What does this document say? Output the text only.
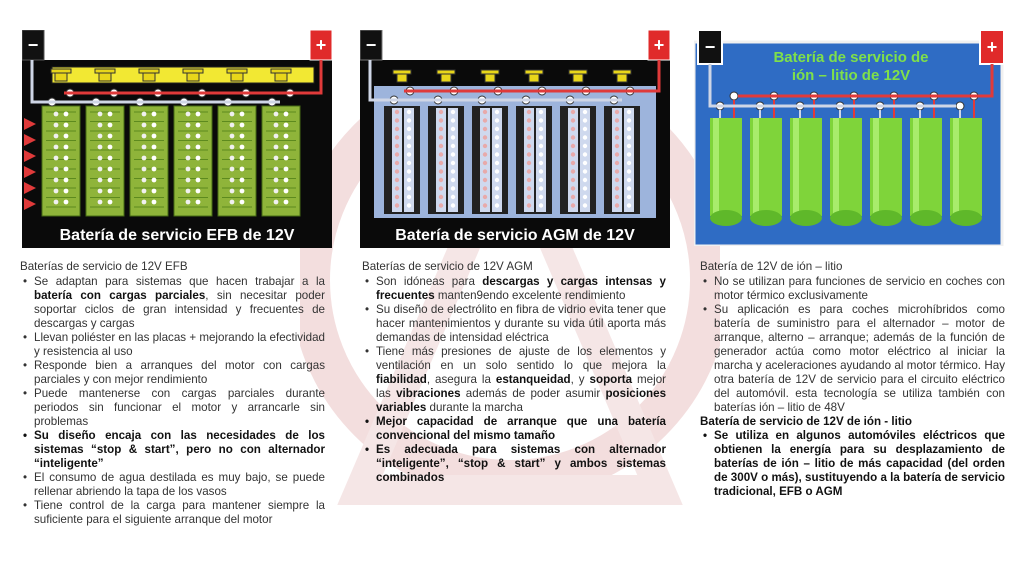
−	+
Batería de servicio EFB de 12V
−	+
Batería de servicio AGM de 12V
−	+
Batería de servicio de
ión – litio de 12V

Baterías de servicio de 12V EFB

• Se adaptan para sistemas que hacen trabajar a la batería con cargas parciales, sin necesitar poder soportar ciclos de gran intensidad y frecuentes de descargas y cargas
• Llevan poliéster en las placas + mejorando la efectividad y resistencia al uso
• Responde bien a arranques del motor con cargas parciales y con mejor rendimiento
• Puede mantenerse con cargas parciales durante periodos sin funcionar el motor y arrancarle sin problemas
• Su diseño encaja con las necesidades de los sistemas “stop & start”, pero no con alternador “inteligente”
• El consumo de agua destilada es muy bajo, se puede rellenar abriendo la tapa de los vasos
• Tiene control de la carga para mantener siempre la suficiente para el siguiente arranque del motor

Baterías de servicio de 12V AGM

• Son idóneas para descargas y cargas intensas y frecuentes manten9endo excelente rendimiento
• Su diseño de electrólito en fibra de vidrio evita tener que hacer mantenimientos y durante su vida útil aporta más demandas de intensidad eléctrica
• Tiene más presiones de ajuste de los elementos y ventilación en un solo sentido lo que mejora la fiabilidad, asegura la estanqueidad, y soporta mejor las vibraciones además de poder asumir posiciones variables durante la marcha
• Mejor capacidad de arranque que una batería convencional del mismo tamaño
• Es adecuada para sistemas con alternador “inteligente”, “stop & start” y ambos sistemas combinados

Batería de 12V de ión – litio

• No se utilizan para funciones de servicio en coches con motor térmico exclusivamente
• Su aplicación es para coches microhíbridos como batería de suministro para el alternador – motor de arranque, alterno – arranque; además de la función de generador actúa como motor eléctrico al iniciar la marcha y aceleraciones ayudando al motor térmico. Hay otra batería de 12V de servicio para el circuito eléctrico del automóvil. esta tecnología se utiliza también con baterías ión – litio de 48V

Batería de servicio de 12V de ión - litio

• Se utiliza en algunos automóviles eléctricos que obtienen la energía para su desplazamiento de baterías de ión – litio de más capacidad (del orden de 300V o más), sustituyendo a la batería de servicio tradicional, EFB o AGM
